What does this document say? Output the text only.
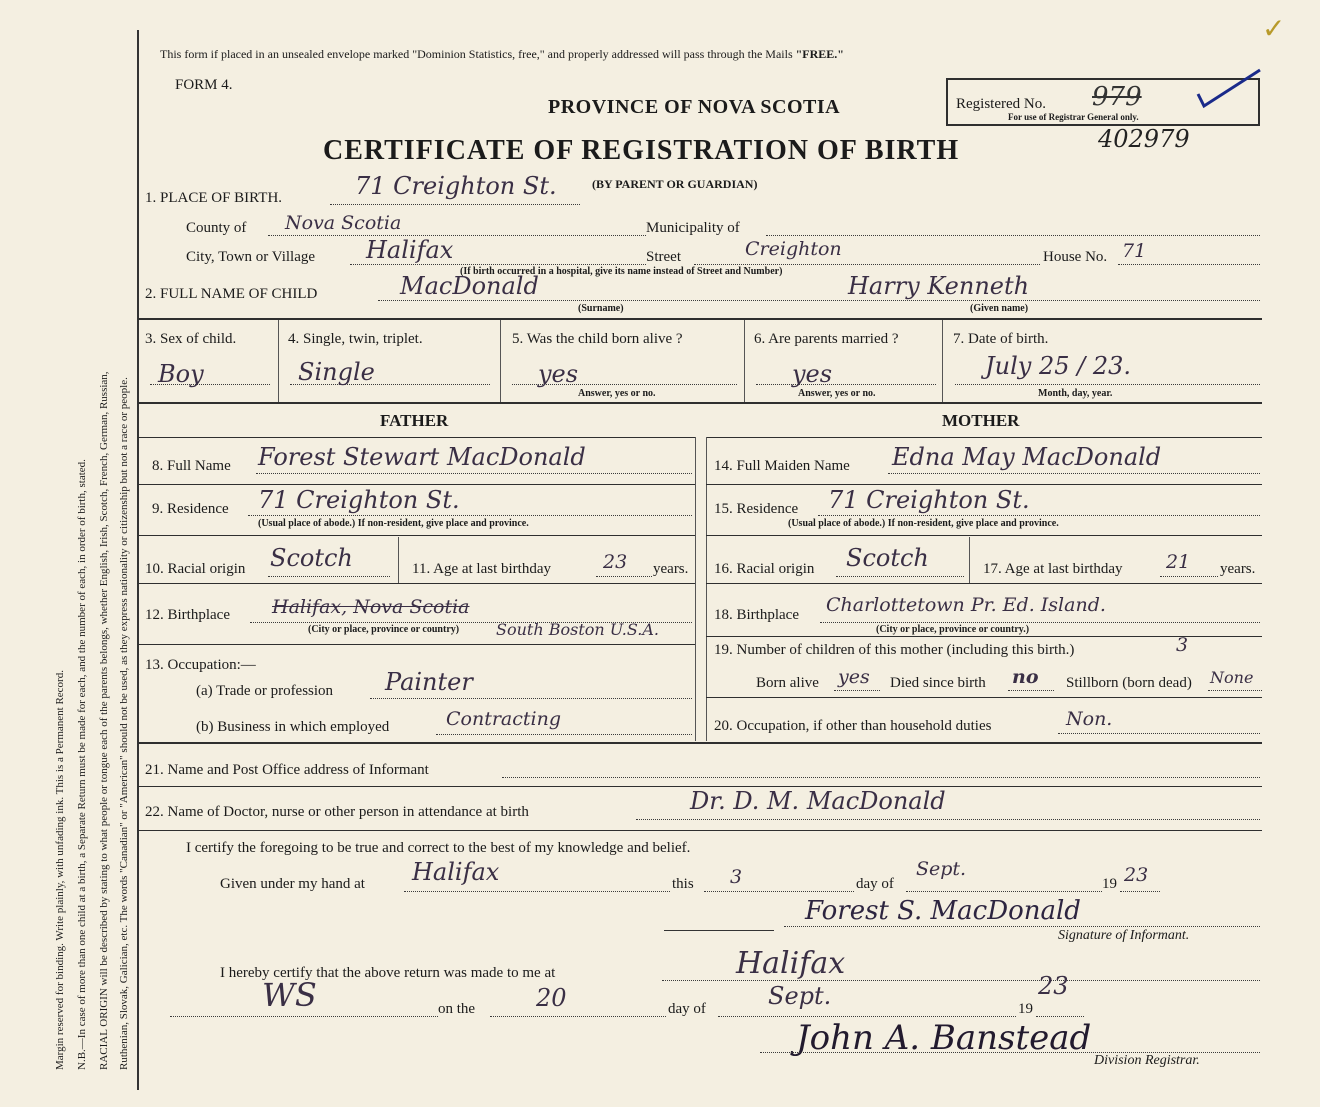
Margin reserved for binding. Write plainly, with unfading ink. This is a Permanent Record. N.B.—In case of more than one child at a birth, a Separate Return must be made for each, and the number of each, in order of birth, stated. RACIAL ORIGIN will be described by stating to what people or tongue each of the parents belongs, whether English, Irish, Scotch, French, German, Russian, Ruthenian, Slovak, Galician, etc. The words "Canadian" or "American" should not be used, as they express nationality or citizenship but not a race or people.
This form if placed in an unsealed envelope marked "Dominion Statistics, free," and properly addressed will pass through the Mails "FREE."
FORM 4.
PROVINCE OF NOVA SCOTIA
CERTIFICATE OF REGISTRATION OF BIRTH
(BY PARENT OR GUARDIAN)
Registered No. 979
For use of Registrar General only.
402979
✓
1. PLACE OF BIRTH.	71 Creighton St.
County of Nova Scotia	Municipality of
City, Town or Village Halifax	Street	Creighton	House No. 71
(If birth occurred in a hospital, give its name instead of Street and Number)
2. FULL NAME OF CHILD	MacDonald	Harry Kenneth
(Surname)	(Given name)
3. Sex of child.
Boy
4. Single, twin, triplet.
Single
5. Was the child born alive ?
yes
Answer, yes or no.
6. Are parents married ?
yes
Answer, yes or no.
7. Date of birth.
July 25 / 23.
Month, day, year.
FATHER	MOTHER
8. Full Name Forest Stewart MacDonald
9. Residence 71 Creighton St.
(Usual place of abode.) If non-resident, give place and province.
10. Racial origin Scotch	11. Age at last birthday	23 years.
12. Birthplace Halifax, Nova Scotia
(City or place, province or country) South Boston U.S.A.
13. Occupation:—
(a) Trade or profession Painter
(b) Business in which employed	Contracting
14. Full Maiden Name Edna May MacDonald
15. Residence 71 Creighton St.
(Usual place of abode.) If non-resident, give place and province.
16. Racial origin Scotch	17. Age at last birthday 21 years.
18. Birthplace Charlottetown Pr. Ed. Island.
(City or place, province or country.)
19. Number of children of this mother (including this birth.)	3
Born alive yes Died since birth no Stillborn (born dead) None
20. Occupation, if other than household duties	Non.
21. Name and Post Office address of Informant
22. Name of Doctor, nurse or other person in attendance at birth	Dr. D. M. MacDonald
I certify the foregoing to be true and correct to the best of my knowledge and belief.
Given under my hand at Halifax	this 3	day of
Sept.
19 23
Forest S. MacDonald
Signature of Informant.
I hereby certify that the above return was made to me at	Halifax
WS	on the	20	day of	Sept.	19
23
John A. Banstead
Division Registrar.
